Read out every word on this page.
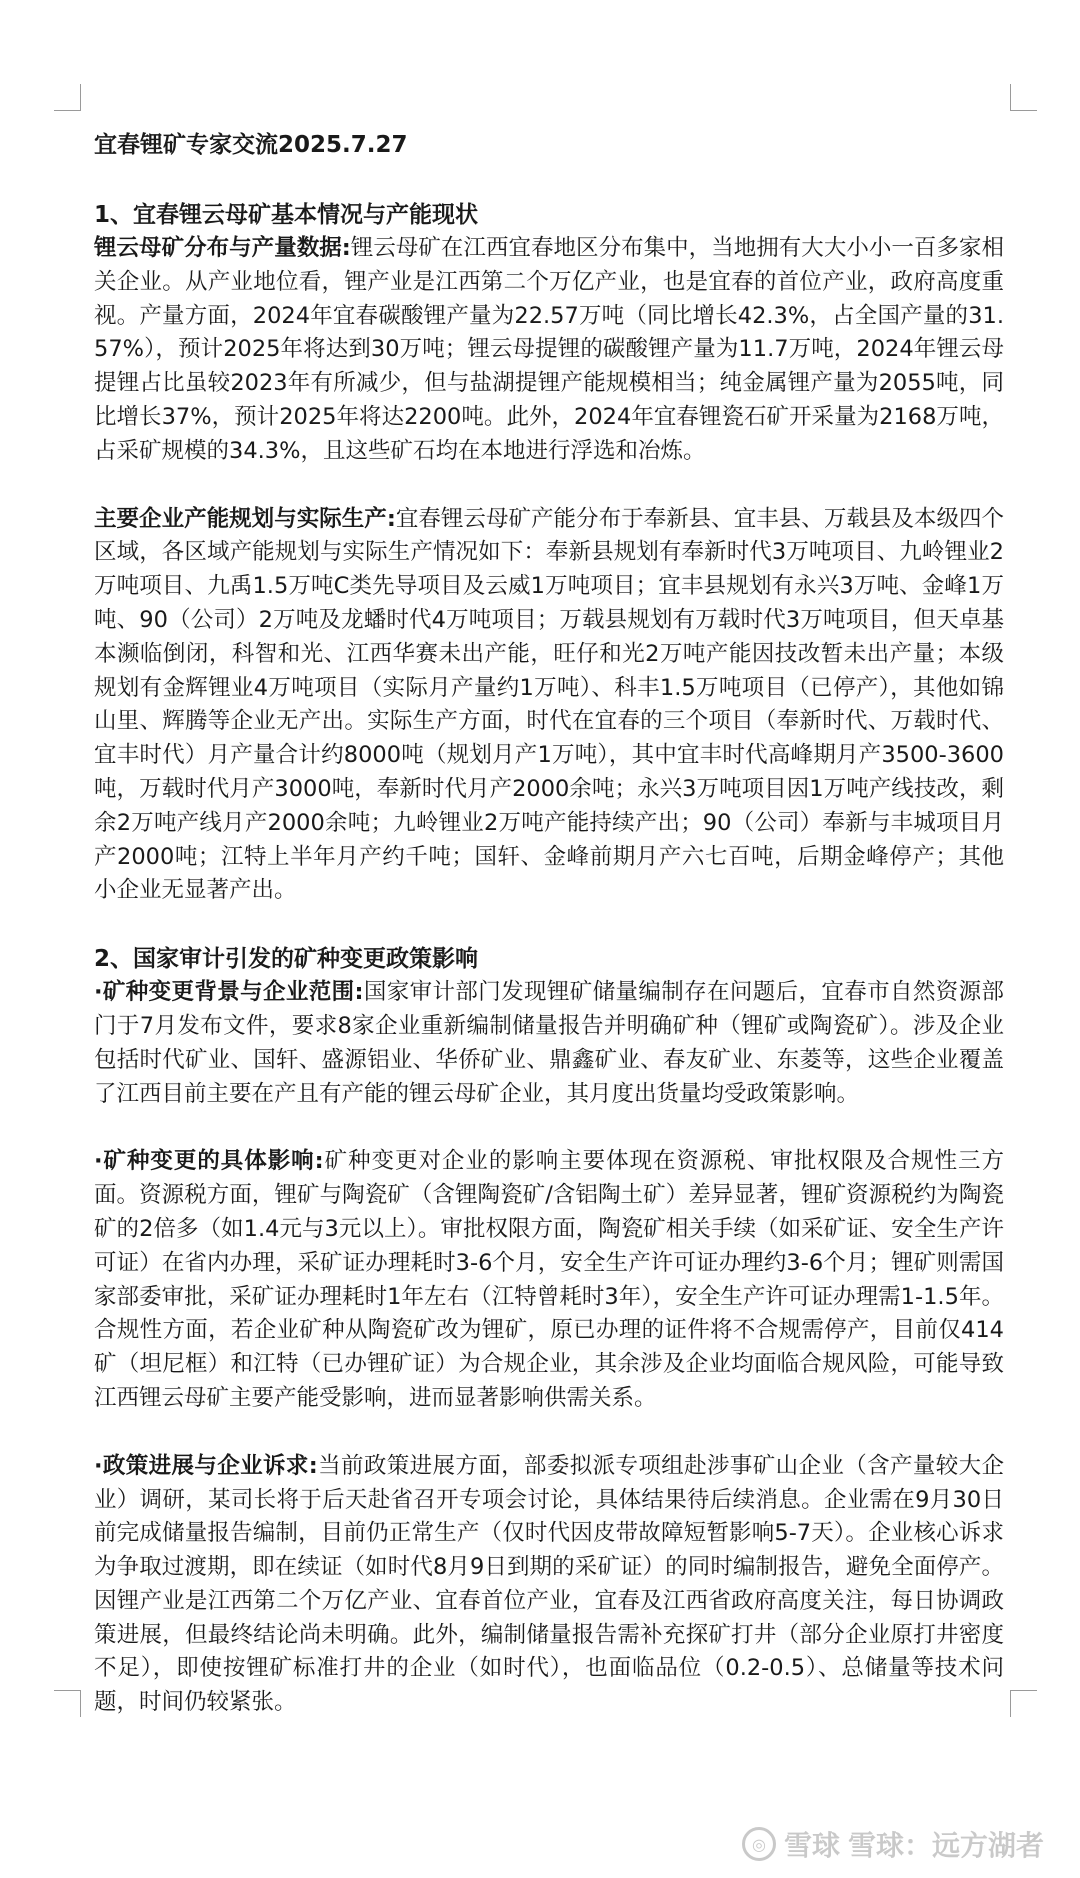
宜春锂矿专家交流2025.7.27
1、宜春锂云母矿基本情况与产能现状

锂云母矿分布与产量数据:锂云母矿在江西宜春地区分布集中，当地拥有大大小小一百多家相关企业。从产业地位看，锂产业是江西第二个万亿产业，也是宜春的首位产业，政府高度重视。产量方面，2024年宜春碳酸锂产量为22.57万吨（同比增长42.3%，占全国产量的31.57%），预计2025年将达到30万吨；锂云母提锂的碳酸锂产量为11.7万吨，2024年锂云母提锂占比虽较2023年有所减少，但与盐湖提锂产能规模相当；纯金属锂产量为2055吨，同比增长37%，预计2025年将达2200吨。此外，2024年宜春锂瓷石矿开采量为2168万吨，占采矿规模的34.3%，且这些矿石均在本地进行浮选和冶炼。

主要企业产能规划与实际生产:宜春锂云母矿产能分布于奉新县、宜丰县、万载县及本级四个区域，各区域产能规划与实际生产情况如下：奉新县规划有奉新时代3万吨项目、九岭锂业2万吨项目、九禹1.5万吨C类先导项目及云威1万吨项目；宜丰县规划有永兴3万吨、金峰1万吨、90（公司）2万吨及龙蟠时代4万吨项目；万载县规划有万载时代3万吨项目，但天卓基本濒临倒闭，科智和光、江西华赛未出产能，旺仔和光2万吨产能因技改暂未出产量；本级规划有金辉锂业4万吨项目（实际月产量约1万吨）、科丰1.5万吨项目（已停产），其他如锦山里、辉腾等企业无产出。实际生产方面，时代在宜春的三个项目（奉新时代、万载时代、宜丰时代）月产量合计约8000吨（规划月产1万吨），其中宜丰时代高峰期月产3500-3600吨，万载时代月产3000吨，奉新时代月产2000余吨；永兴3万吨项目因1万吨产线技改，剩余2万吨产线月产2000余吨；九岭锂业2万吨产能持续产出；90（公司）奉新与丰城项目月产2000吨；江特上半年月产约千吨；国轩、金峰前期月产六七百吨，后期金峰停产；其他小企业无显著产出。

2、国家审计引发的矿种变更政策影响

·矿种变更背景与企业范围:国家审计部门发现锂矿储量编制存在问题后，宜春市自然资源部门于7月发布文件，要求8家企业重新编制储量报告并明确矿种（锂矿或陶瓷矿）。涉及企业包括时代矿业、国轩、盛源铝业、华侨矿业、鼎鑫矿业、春友矿业、东菱等，这些企业覆盖了江西目前主要在产且有产能的锂云母矿企业，其月度出货量均受政策影响。

·矿种变更的具体影响:矿种变更对企业的影响主要体现在资源税、审批权限及合规性三方面。资源税方面，锂矿与陶瓷矿（含锂陶瓷矿/含铝陶土矿）差异显著，锂矿资源税约为陶瓷矿的2倍多（如1.4元与3元以上）。审批权限方面，陶瓷矿相关手续（如采矿证、安全生产许可证）在省内办理，采矿证办理耗时3-6个月，安全生产许可证办理约3-6个月；锂矿则需国家部委审批，采矿证办理耗时1年左右（江特曾耗时3年），安全生产许可证办理需1-1.5年。合规性方面，若企业矿种从陶瓷矿改为锂矿，原已办理的证件将不合规需停产，目前仅414矿（坦尼框）和江特（已办锂矿证）为合规企业，其余涉及企业均面临合规风险，可能导致江西锂云母矿主要产能受影响，进而显著影响供需关系。

·政策进展与企业诉求:当前政策进展方面，部委拟派专项组赴涉事矿山企业（含产量较大企业）调研，某司长将于后天赴省召开专项会讨论，具体结果待后续消息。企业需在9月30日前完成储量报告编制，目前仍正常生产（仅时代因皮带故障短暂影响5-7天）。企业核心诉求为争取过渡期，即在续证（如时代8月9日到期的采矿证）的同时编制报告，避免全面停产。因锂产业是江西第二个万亿产业、宜春首位产业，宜春及江西省政府高度关注，每日协调政策进展，但最终结论尚未明确。此外，编制储量报告需补充探矿打井（部分企业原打井密度不足），即使按锂矿标准打井的企业（如时代），也面临品位（0.2-0.5）、总储量等技术问题，时间仍较紧张。

◎ 雪球 雪球：远方湖者
